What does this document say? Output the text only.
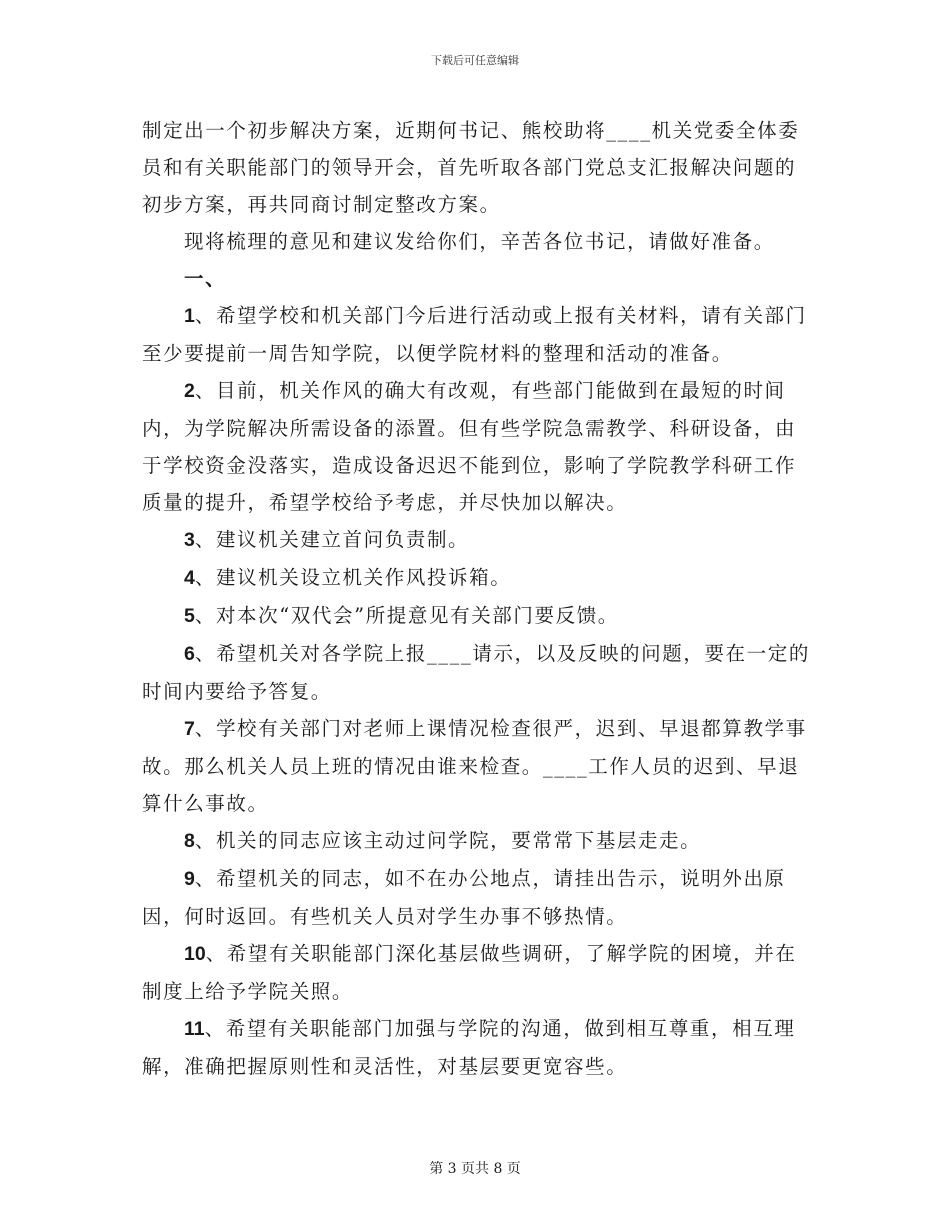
下载后可任意编辑

制定出一个初步解决方案，近期何书记、熊校助将____机关党委全体委员和有关职能部门的领导开会，首先听取各部门党总支汇报解决问题的初步方案，再共同商讨制定整改方案。

现将梳理的意见和建议发给你们，辛苦各位书记，请做好准备。

一、

1、希望学校和机关部门今后进行活动或上报有关材料，请有关部门至少要提前一周告知学院，以便学院材料的整理和活动的准备。

2、目前，机关作风的确大有改观，有些部门能做到在最短的时间内，为学院解决所需设备的添置。但有些学院急需教学、科研设备，由于学校资金没落实，造成设备迟迟不能到位，影响了学院教学科研工作质量的提升，希望学校给予考虑，并尽快加以解决。

3、建议机关建立首问负责制。

4、建议机关设立机关作风投诉箱。

5、对本次“双代会”所提意见有关部门要反馈。

6、希望机关对各学院上报____请示，以及反映的问题，要在一定的时间内要给予答复。

7、学校有关部门对老师上课情况检查很严，迟到、早退都算教学事故。那么机关人员上班的情况由谁来检查。____工作人员的迟到、早退算什么事故。

8、机关的同志应该主动过问学院，要常常下基层走走。

9、希望机关的同志，如不在办公地点，请挂出告示，说明外出原因，何时返回。有些机关人员对学生办事不够热情。

10、希望有关职能部门深化基层做些调研，了解学院的困境，并在制度上给予学院关照。

11、希望有关职能部门加强与学院的沟通，做到相互尊重，相互理解，准确把握原则性和灵活性，对基层要更宽容些。

第 3 页共 8 页
